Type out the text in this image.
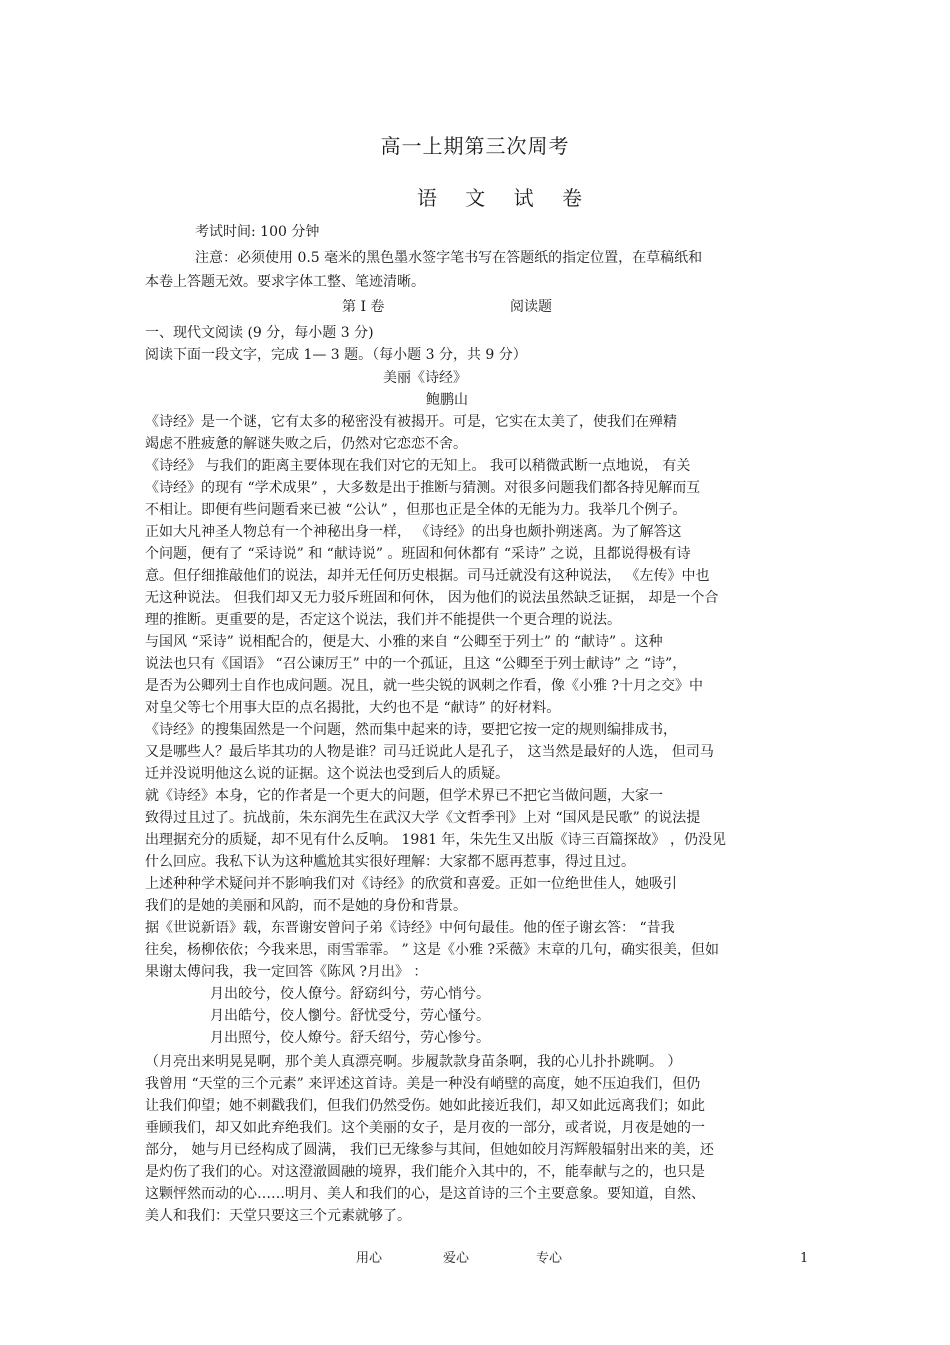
高一上期第三次周考
语 文 试 卷
考试时间: 100 分钟
注意：必须使用 0.5 毫米的黑色墨水签字笔书写在答题纸的指定位置，在草稿纸和
本卷上答题无效。要求字体工整、笔迹清晰。
第 I 卷	阅读题
一、现代文阅读 (9 分，每小题 3 分)
阅读下面一段文字，完成 1— 3 题。（每小题 3 分，共 9 分）
美丽《诗经》
鲍鹏山
《诗经》是一个谜，它有太多的秘密没有被揭开。可是，它实在太美了，使我们在殚精
竭虑不胜疲惫的解谜失败之后，仍然对它恋恋不舍。
《诗经》 与我们的距离主要体现在我们对它的无知上。 我可以稍微武断一点地说， 有关
《诗经》的现有 “学术成果” ，大多数是出于推断与猜测。对很多问题我们都各持见解而互
不相让。即便有些问题看来已被 “公认” ，但那也正是全体的无能为力。我举几个例子。
正如大凡神圣人物总有一个神秘出身一样， 《诗经》的出身也颇扑朔迷离。为了解答这
个问题，便有了 “采诗说” 和 “献诗说” 。班固和何休都有 “采诗” 之说，且都说得极有诗
意。但仔细推敲他们的说法，却并无任何历史根据。司马迁就没有这种说法， 《左传》中也
无这种说法。 但我们却又无力驳斥班固和何休， 因为他们的说法虽然缺乏证据， 却是一个合
理的推断。更重要的是，否定这个说法，我们并不能提供一个更合理的说法。
与国风 “采诗” 说相配合的，便是大、小雅的来自 “公卿至于列士” 的 “献诗” 。这种
说法也只有《国语》 “召公谏厉王” 中的一个孤证，且这 “公卿至于列士献诗” 之 “诗”，
是否为公卿列士自作也成问题。况且，就一些尖锐的讽刺之作看，像《小雅 ?十月之交》中
对皇父等七个用事大臣的点名揭批，大约也不是 “献诗” 的好材料。
《诗经》的搜集固然是一个问题，然而集中起来的诗，要把它按一定的规则编排成书，
又是哪些人？最后毕其功的人物是谁？司马迁说此人是孔子， 这当然是最好的人选， 但司马
迁并没说明他这么说的证据。这个说法也受到后人的质疑。
就《诗经》本身，它的作者是一个更大的问题，但学术界已不把它当做问题，大家一
致得过且过了。抗战前，朱东润先生在武汉大学《文哲季刊》上对 “国风是民歌” 的说法提
出理据充分的质疑，却不见有什么反响。 1981 年，朱先生又出版《诗三百篇探故》 ，仍没见
什么回应。我私下认为这种尴尬其实很好理解：大家都不愿再惹事，得过且过。
上述种种学术疑问并不影响我们对《诗经》的欣赏和喜爱。正如一位绝世佳人，她吸引
我们的是她的美丽和风韵，而不是她的身份和背景。
据《世说新语》载，东晋谢安曾问子弟《诗经》中何句最佳。他的侄子谢玄答： “昔我
往矣，杨柳依依；今我来思，雨雪霏霏。 ” 这是《小雅 ?采薇》末章的几句，确实很美，但如
果谢太傅问我，我一定回答《陈风 ?月出》 ：
月出皎兮，佼人僚兮。舒窈纠兮，劳心悄兮。
月出皓兮，佼人懰兮。舒忧受兮，劳心慅兮。
月出照兮，佼人燎兮。舒夭绍兮，劳心惨兮。
（月亮出来明晃晃啊，那个美人真漂亮啊。步履款款身苗条啊，我的心儿扑扑跳啊。 ）
我曾用 “天堂的三个元素” 来评述这首诗。美是一种没有峭壁的高度，她不压迫我们，但仍
让我们仰望；她不刺戳我们，但我们仍然受伤。她如此接近我们，却又如此远离我们；如此
垂顾我们，却又如此弃绝我们。这个美丽的女子，是月夜的一部分，或者说，月夜是她的一
部分， 她与月已经构成了圆满， 我们已无缘参与其间，但她如皎月泻辉般辐射出来的美，还
是灼伤了我们的心。对这澄澈圆融的境界，我们能介入其中的，不，能奉献与之的，也只是
这颗怦然而动的心……明月、美人和我们的心，是这首诗的三个主要意象。要知道，自然、
美人和我们：天堂只要这三个元素就够了。
用心	爱心	专心	1
